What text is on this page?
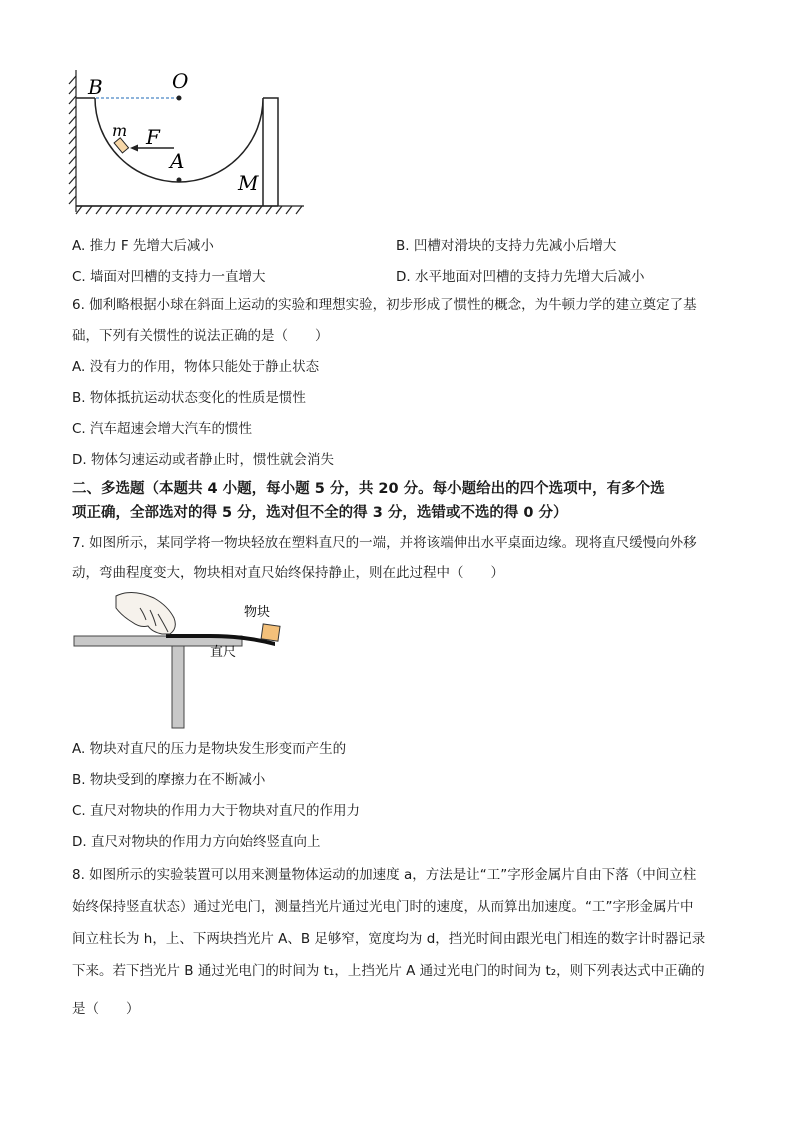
B	O
m F
A
M
A. 推力 F 先增大后减小	B. 凹槽对滑块的支持力先减小后增大
C. 墙面对凹槽的支持力一直增大	D. 水平地面对凹槽的支持力先增大后减小
6. 伽利略根据小球在斜面上运动的实验和理想实验，初步形成了惯性的概念，为牛顿力学的建立奠定了基
础，下列有关惯性的说法正确的是（　　）
A. 没有力的作用，物体只能处于静止状态
B. 物体抵抗运动状态变化的性质是惯性
C. 汽车超速会增大汽车的惯性
D. 物体匀速运动或者静止时，惯性就会消失
二、多选题（本题共 4 小题，每小题 5 分，共 20 分。每小题给出的四个选项中，有多个选
项正确，全部选对的得 5 分，选对但不全的得 3 分，选错或不选的得 0 分）
7. 如图所示，某同学将一物块轻放在塑料直尺的一端，并将该端伸出水平桌面边缘。现将直尺缓慢向外移
动，弯曲程度变大，物块相对直尺始终保持静止，则在此过程中（　　）
物块
直尺
A. 物块对直尺的压力是物块发生形变而产生的
B. 物块受到的摩擦力在不断减小
C. 直尺对物块的作用力大于物块对直尺的作用力
D. 直尺对物块的作用力方向始终竖直向上
8. 如图所示的实验装置可以用来测量物体运动的加速度 a，方法是让“工”字形金属片自由下落（中间立柱
始终保持竖直状态）通过光电门，测量挡光片通过光电门时的速度，从而算出加速度。“工”字形金属片中
间立柱长为 h，上、下两块挡光片 A、B 足够窄，宽度均为 d，挡光时间由跟光电门相连的数字计时器记录
下来。若下挡光片 B 通过光电门的时间为 t₁，上挡光片 A 通过光电门的时间为 t₂，则下列表达式中正确的
是（　　）
